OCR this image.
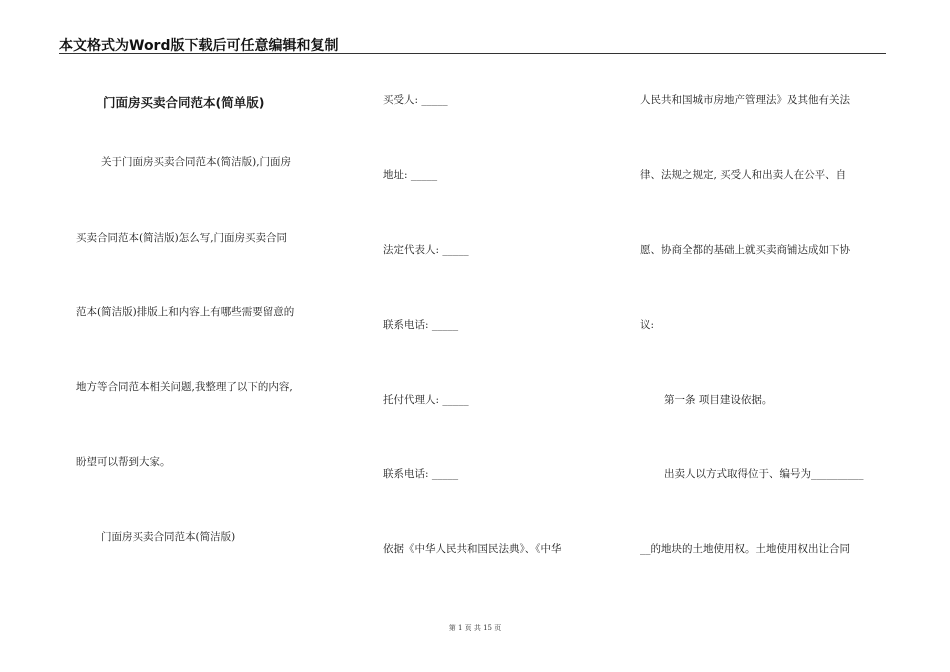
本文格式为Word版下载后可任意编辑和复制
门面房买卖合同范本(简单版)
关于门面房买卖合同范本(简洁版),门面房
买卖合同范本(简洁版)怎么写,门面房买卖合同
范本(简洁版)排版上和内容上有哪些需要留意的
地方等合同范本相关问题,我整理了以下的内容,
盼望可以帮到大家。
门面房买卖合同范本(简洁版)
买受人: _____
地址: _____
法定代表人: _____
联系电话: _____
托付代理人: _____
联系电话: _____
依据《中华人民共和国民法典》、《中华
人民共和国城市房地产管理法》及其他有关法
律、法规之规定, 买受人和出卖人在公平、自
愿、协商全都的基础上就买卖商铺达成如下协
议:
第一条 项目建设依据。
出卖人以方式取得位于、编号为__________
__的地块的土地使用权。土地使用权出让合同
第 1 页 共 15 页
